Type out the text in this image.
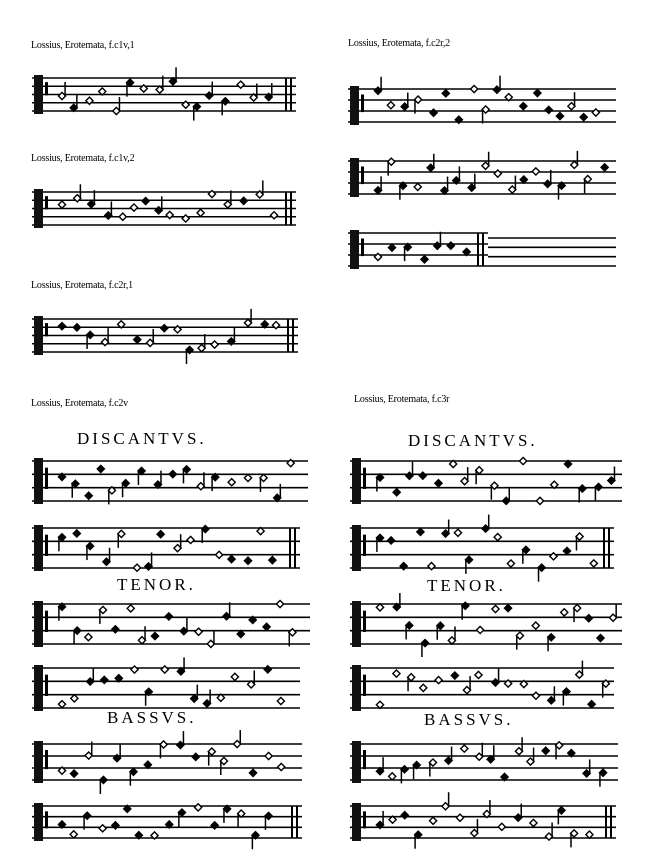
Lossius, Erotemata, f.c1v,1
Lossius, Erotemata, f.c1v,2
Lossius, Erotemata, f.c2r,1
Lossius, Erotemata, f.c2r,2
Lossius, Erotemata, f.c2v	Lossius, Erotemata, f.c3r
DISCANTVS.
TENOR.
BASSVS.
DISCANTVS.
TENOR.
BASSVS.
